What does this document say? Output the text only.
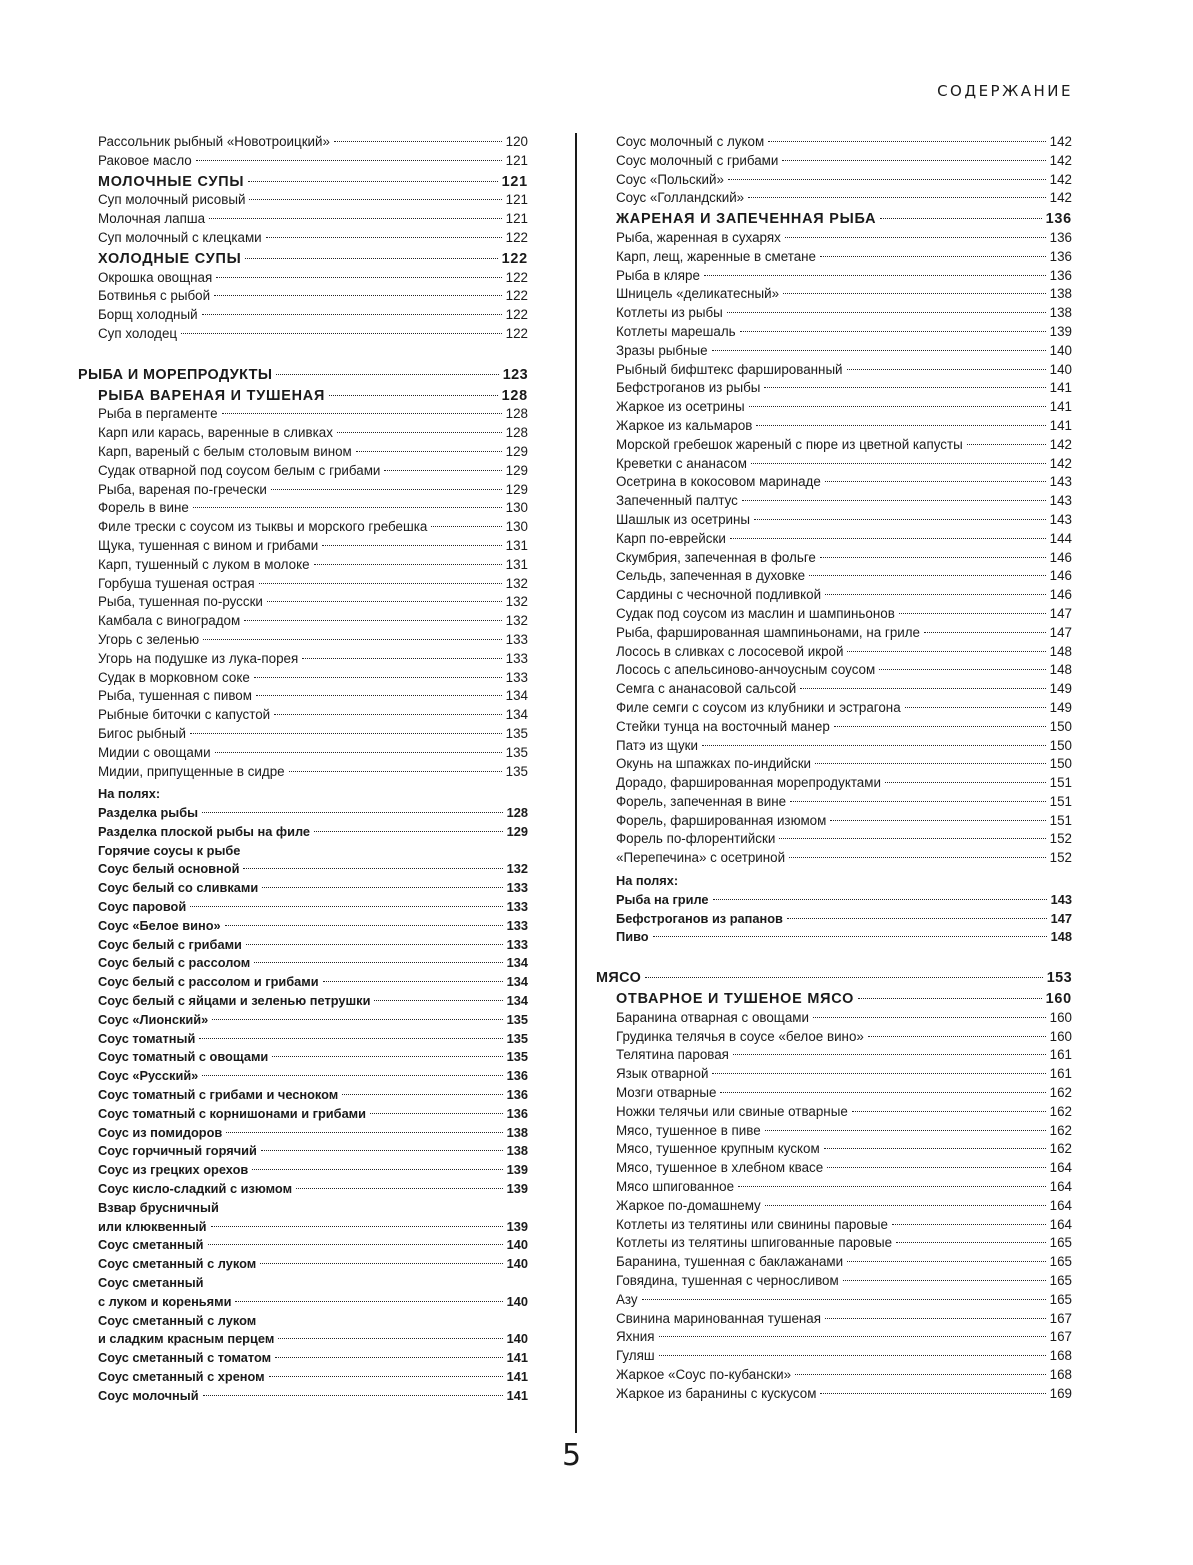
СОДЕРЖАНИЕ
Рассольник рыбный «Новотроицкий»	120
Раковое масло	121
МОЛОЧНЫЕ СУПЫ	121
Суп молочный рисовый	121
Молочная лапша	121
Суп молочный с клецками	122
ХОЛОДНЫЕ СУПЫ	122
Окрошка овощная	122
Ботвинья с рыбой	122
Борщ холодный	122
Суп холодец	122
РЫБА И МОРЕПРОДУКТЫ	123
РЫБА ВАРЕНАЯ И ТУШЕНАЯ	128
Рыба в пергаменте	128
Карп или карась, варенные в сливках	128
Карп, вареный с белым столовым вином	129
Судак отварной под соусом белым с грибами	129
Рыба, вареная по-гречески	129
Форель в вине	130
Филе трески с соусом из тыквы и морского гребешка	130
Щука, тушенная с вином и грибами	131
Карп, тушенный с луком в молоке	131
Горбуша тушеная острая	132
Рыба, тушенная по-русски	132
Камбала с виноградом	132
Угорь с зеленью	133
Угорь на подушке из лука-порея	133
Судак в морковном соке	133
Рыба, тушенная с пивом	134
Рыбные биточки с капустой	134
Бигос рыбный	135
Мидии с овощами	135
Мидии, припущенные в сидре	135
На полях:
Разделка рыбы	128
Разделка плоской рыбы на филе	129
Горячие соусы к рыбе
Соус белый основной	132
Соус белый со сливками	133
Соус паровой	133
Соус «Белое вино»	133
Соус белый с грибами	133
Соус белый с рассолом	134
Соус белый с рассолом и грибами	134
Соус белый с яйцами и зеленью петрушки	134
Соус «Лионский»	135
Соус томатный	135
Соус томатный с овощами	135
Соус «Русский»	136
Соус томатный с грибами и чесноком	136
Соус томатный с корнишонами и грибами	136
Соус из помидоров	138
Соус горчичный горячий	138
Соус из грецких орехов	139
Соус кисло-сладкий с изюмом	139
Взвар брусничный
или клюквенный	139
Соус сметанный	140
Соус сметанный с луком	140
Соус сметанный
с луком и кореньями	140
Соус сметанный с луком
и сладким красным перцем	140
Соус сметанный с томатом	141
Соус сметанный с хреном	141
Соус молочный	141
Соус молочный с луком	142
Соус молочный с грибами	142
Соус «Польский»	142
Соус «Голландский»	142
ЖАРЕНАЯ И ЗАПЕЧЕННАЯ РЫБА	136
Рыба, жаренная в сухарях	136
Карп, лещ, жаренные в сметане	136
Рыба в кляре	136
Шницель «деликатесный»	138
Котлеты из рыбы	138
Котлеты марешаль	139
Зразы рыбные	140
Рыбный бифштекс фаршированный	140
Бефстроганов из рыбы	141
Жаркое из осетрины	141
Жаркое из кальмаров	141
Морской гребешок жареный с пюре из цветной капусты	142
Креветки с ананасом	142
Осетрина в кокосовом маринаде	143
Запеченный палтус	143
Шашлык из осетрины	143
Карп по-еврейски	144
Скумбрия, запеченная в фольге	146
Сельдь, запеченная в духовке	146
Сардины с чесночной подливкой	146
Судак под соусом из маслин и шампиньонов	147
Рыба, фаршированная шампиньонами, на гриле	147
Лосось в сливках с лососевой икрой	148
Лосось с апельсиново-анчоусным соусом	148
Семга с ананасовой сальсой	149
Филе семги с соусом из клубники и эстрагона	149
Стейки тунца на восточный манер	150
Патэ из щуки	150
Окунь на шпажках по-индийски	150
Дорадо, фаршированная морепродуктами	151
Форель, запеченная в вине	151
Форель, фаршированная изюмом	151
Форель по-флорентийски	152
«Перепечина» с осетриной	152
На полях:
Рыба на гриле	143
Бефстроганов из рапанов	147
Пиво	148
МЯСО	153
ОТВАРНОЕ И ТУШЕНОЕ МЯСО	160
Баранина отварная с овощами	160
Грудинка телячья в соусе «белое вино»	160
Телятина паровая	161
Язык отварной	161
Мозги отварные	162
Ножки телячьи или свиные отварные	162
Мясо, тушенное в пиве	162
Мясо, тушенное крупным куском	162
Мясо, тушенное в хлебном квасе	164
Мясо шпигованное	164
Жаркое по-домашнему	164
Котлеты из телятины или свинины паровые	164
Котлеты из телятины шпигованные паровые	165
Баранина, тушенная с баклажанами	165
Говядина, тушенная с черносливом	165
Азу	165
Свинина маринованная тушеная	167
Яхния	167
Гуляш	168
Жаркое «Соус по-кубански»	168
Жаркое из баранины с кускусом	169
5
